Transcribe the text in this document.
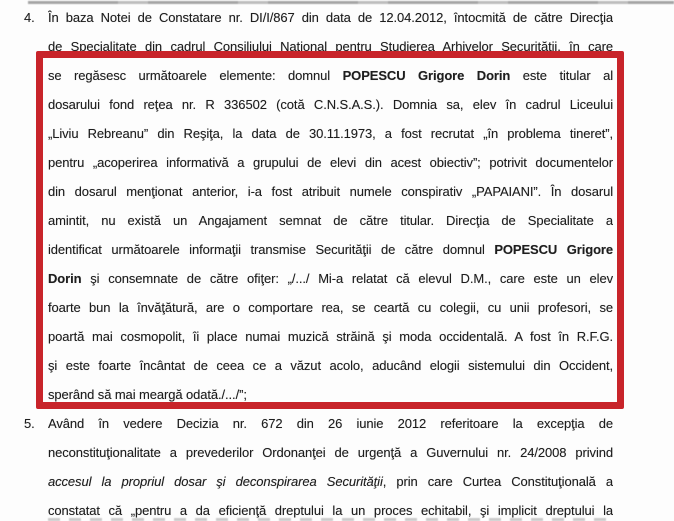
4.	În baza Notei de Constatare nr. DI/I/867 din data de 12.04.2012, întocmită de către Direcţia
de Specialitate din cadrul Consiliului Naţional pentru Studierea Arhivelor Securităţii, în care
se regăsesc următoarele elemente: domnul POPESCU Grigore Dorin este titular al
dosarului fond reţea nr. R 336502 (cotă C.N.S.A.S.). Domnia sa, elev în cadrul Liceului
„Liviu Rebreanu” din Reşiţa, la data de 30.11.1973, a fost recrutat „în problema tineret”,
pentru „acoperirea informativă a grupului de elevi din acest obiectiv”; potrivit documentelor
din dosarul menţionat anterior, i-a fost atribuit numele conspirativ „PAPAIANI”. În dosarul
amintit, nu există un Angajament semnat de către titular. Direcţia de Specialitate a
identificat următoarele informaţii transmise Securităţii de către domnul POPESCU Grigore
Dorin şi consemnate de către ofiţer: „/.../ Mi-a relatat că elevul D.M., care este un elev
foarte bun la învăţătură, are o comportare rea, se ceartă cu colegii, cu unii profesori, se
poartă mai cosmopolit, îi place numai muzică străină şi moda occidentală. A fost în R.F.G.
şi este foarte încântat de ceea ce a văzut acolo, aducând elogii sistemului din Occident,
sperând să mai meargă odată./.../”;
5.	Având în vedere Decizia nr. 672 din 26 iunie 2012 referitoare la excepţia de
neconstituţionalitate a prevederilor Ordonanţei de urgenţă a Guvernului nr. 24/2008 privind
accesul la propriul dosar şi deconspirarea Securităţii, prin care Curtea Constituţională a
constatat că „pentru a da eficienţă dreptului la un proces echitabil, şi implicit dreptului la
